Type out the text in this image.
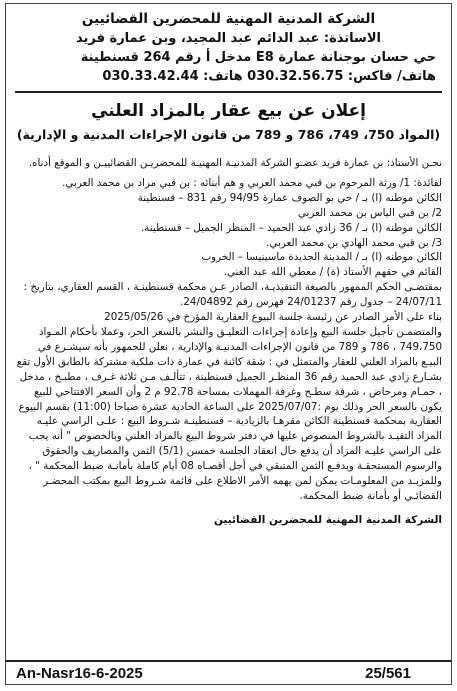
الشركة المدنية المهنية للمحضرين القضائيين
الاساتذة: عبد الدائم عبد المجيد، وبن عمارة فريد
حي حسان بوجنانة عمارة E8 مدخل أ رقم 264 قسنطينة
هاتف/ فاكس: 030.32.56.75 هاتف: 030.33.42.44
إعلان عن بيع عقار بالمزاد العلني
(المواد 750، 749، 786 و 789 من قانون الإجراءات المدنية و الإدارية)

نحـن الأستاذ: بن عمارة فريد عضـو الشركة المدنيـة المهنيـة للمحضريـن القضائييـن و الموقع أدناه.

لفائدة: 1/ ورثة المرحوم بن قبي محمد العربي و هم أبنائه : بن قبي مراد بن محمد العربي.

الكائن موطنه (ا) بـ / حي بو الصوف عمارة 94/95 رقم 831 – قسنطينة

2/ بن قبي الياس بن محمد العربي

الكائن موطنه (ا) بـ / 36 زادي عبد الحميد – المنظر الجميل – قسنطينة.

3/ بن قبي محمد الهادي بن محمد العربي.

الكائن موطنه (ا) بـ / المدينة الجديدة ماسينيسا – الخروب

القائم في حقهم الأستاذ (ة) / معطي الله عبد الغني.

بمقتضـى الحكم الممهور بالصيغة التنفيذيـة، الصادر عـن محكمة قسنطينـة ، القسم العقاري، بتاريخ : 24/07/11 – جدول رقم 24/01237 فهرس رقم 24/04892.

بناء على الأمر الصادر عن رئيسة جلسة البيوع العقارية المؤرخ في 2025/05/26

والمتضمـن تأجيل جلسة البيع وإعادة إجراءات التعليـق والنشر بالسعر الحر، وعملا بأحكام المـواد 749،750 ، 786 و 789 من قانون الإجراءات المدنيـة والإدارية ، نعلن للجمهور بأنه سيشـرع في البيـع بالمزاد العلني للعقار والمتمثل في : شقة كائنة في عمارة ذات ملكية مشتركة بالطابق الأول تقع بشـارع زادي عبد الحميد رقم 36 المنظـر الجميل قسنطينة ، تتألـف مـن ثلاثة غـرف ، مطبـخ ، مدخل ، حمـام ومرحاض ، شرفة سطـح وغرفة المهملات بمساحة 92.78 م 2 وأن السعر الافتتاحي للبيع يكون بالسعر الحر وذلك يوم :2025/07/07 على الساعة الحادية عشرة صباحا (11:00) بقسم البيوع العقارية بمحكمة قسنطينة الكائن مقرهـا بالزيادية – قسنطينـة شـروط البيع : علـى الراسي عليـه المزاد التقيـد بالشروط المنصوص عليها في دفتر شروط البيع بالمزاد العلني وبالخصوص " أنه يجب على الراسي عليـه المزاد أن يدفع حال انعقاد الجلسة خمسن (5/1) الثمن والمصاريف والحقوق والرسوم المستحقـة ويدفـع الثمن المتبقي في أجل أقصـاه 08 أيام كاملة بأمانـة ضبط المحكمة " ،

وللمزيـد من المعلومـات يمكن لمن يهمه الأمر الاطلاع على قائمة شـروط البيع بمكتب المحضـر القضائـي أو بأمانة ضبط المحكمة.

الشركة المدنية المهنية للمحضرين القضائيين
An-Nasr16-6-2025	25/561
